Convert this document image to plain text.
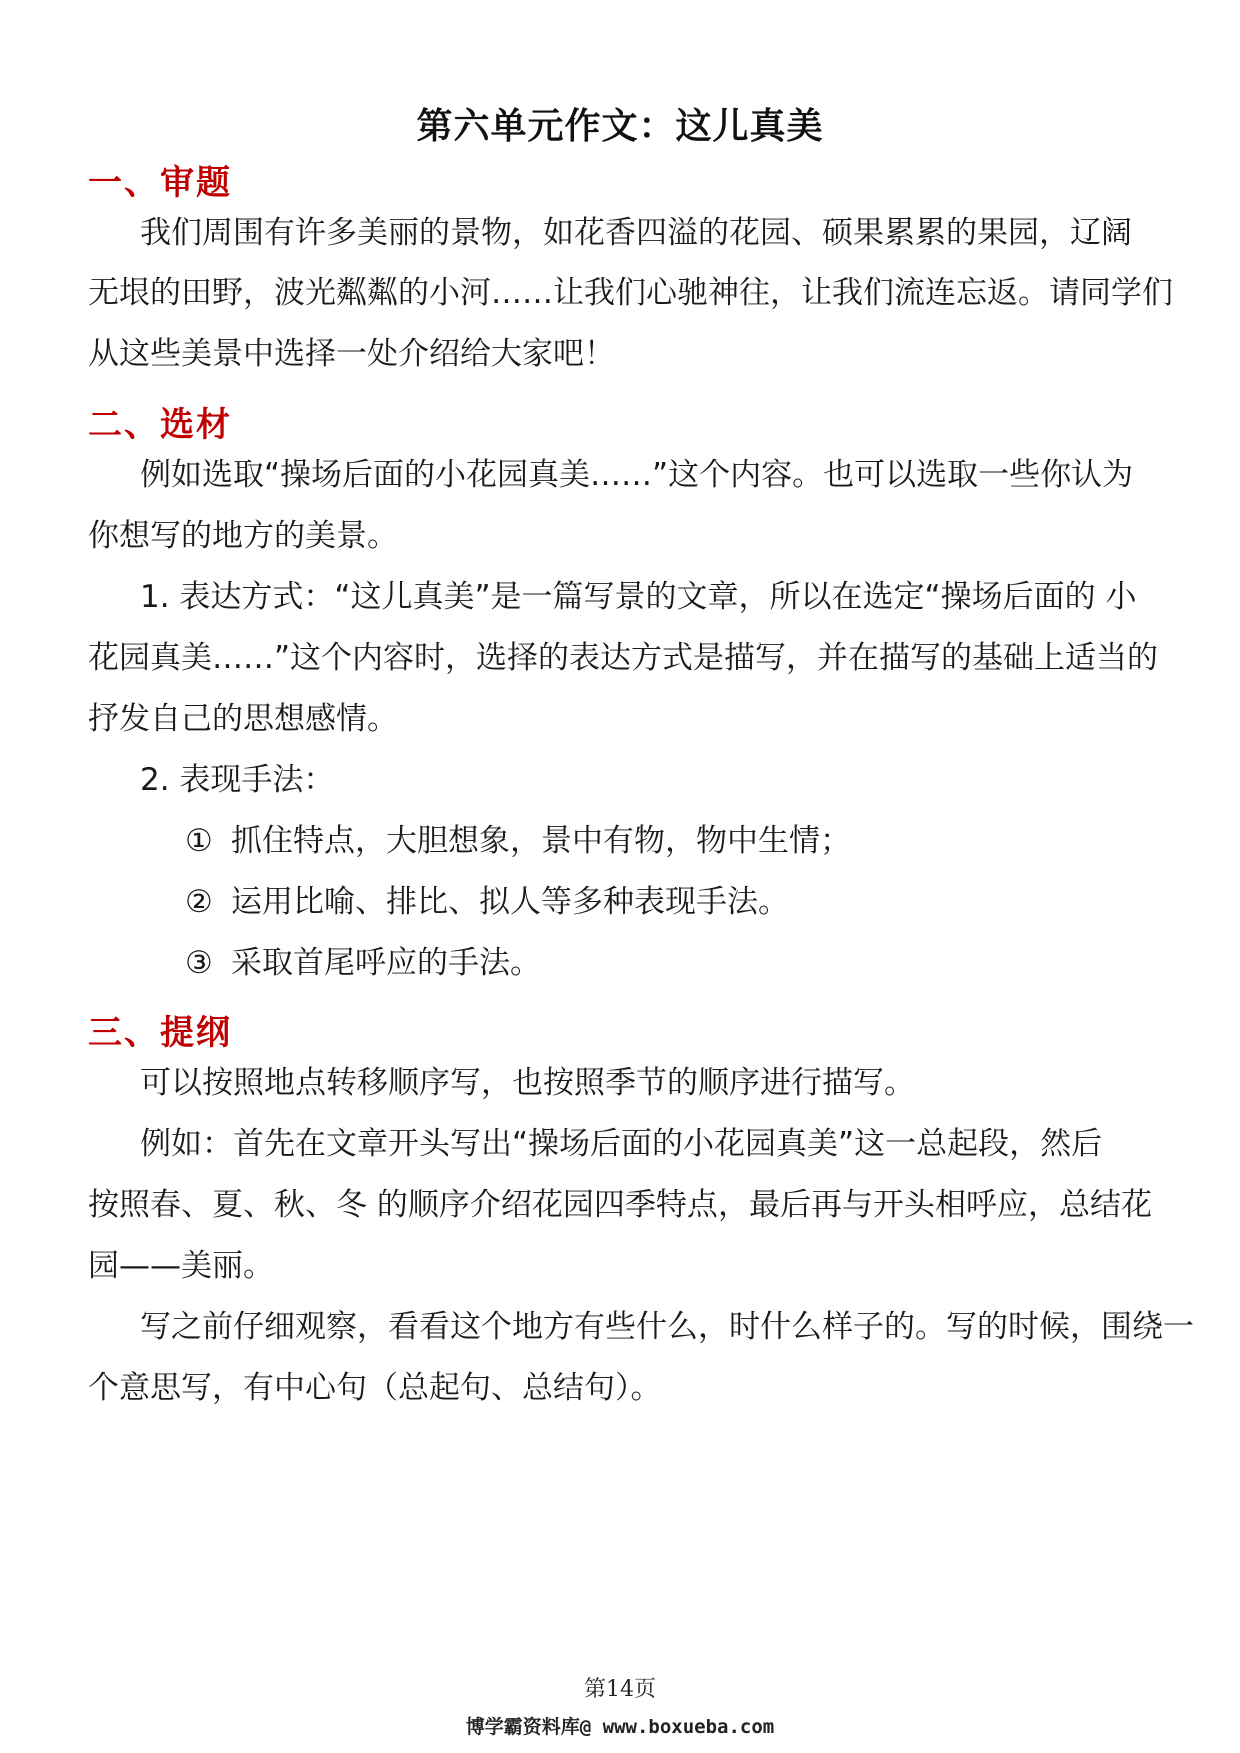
第六单元作文：这儿真美
一、审题
我们周围有许多美丽的景物，如花香四溢的花园、硕果累累的果园，辽阔
无垠的田野，波光粼粼的小河……让我们心驰神往，让我们流连忘返。请同学们
从这些美景中选择一处介绍给大家吧！
二、选材
例如选取“操场后面的小花园真美……”这个内容。也可以选取一些你认为
你想写的地方的美景。
1. 表达方式：“这儿真美”是一篇写景的文章，所以在选定“操场后面的 小
花园真美……”这个内容时，选择的表达方式是描写，并在描写的基础上适当的
抒发自己的思想感情。
2. 表现手法：
① 抓住特点，大胆想象，景中有物，物中生情；
② 运用比喻、排比、拟人等多种表现手法。
③ 采取首尾呼应的手法。
三、提纲
可以按照地点转移顺序写，也按照季节的顺序进行描写。
例如：首先在文章开头写出“操场后面的小花园真美”这一总起段，然后
按照春、夏、秋、冬 的顺序介绍花园四季特点，最后再与开头相呼应，总结花
园——美丽。
写之前仔细观察，看看这个地方有些什么，时什么样子的。写的时候，围绕一
个意思写，有中心句（总起句、总结句）。
第14页
博学霸资料库@ www.boxueba.com
